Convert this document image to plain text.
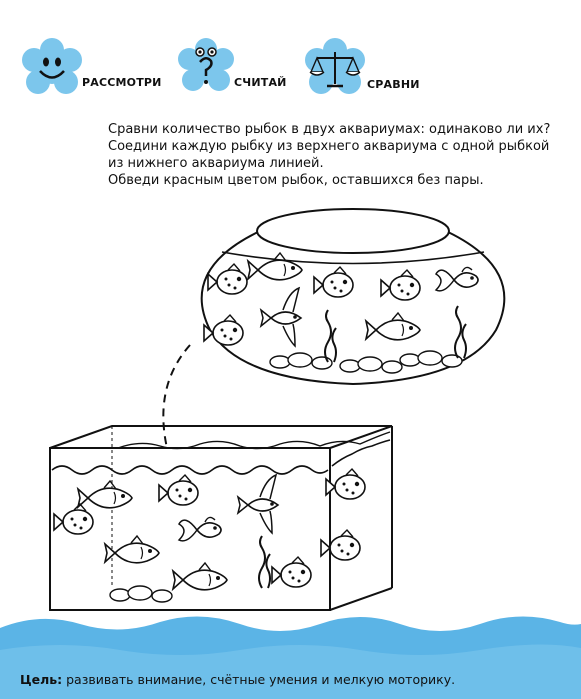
РАССМОТРИ	СЧИТАЙ	СРАВНИ

Сравни количество рыбок в двух аквариумах: одинаково ли их?

Соедини каждую рыбку из верхнего аквариума с одной рыбкой

из нижнего аквариума линией.

Обведи красным цветом рыбок, оставшихся без пары.

Цель: развивать внимание, счётные умения и мелкую моторику.
